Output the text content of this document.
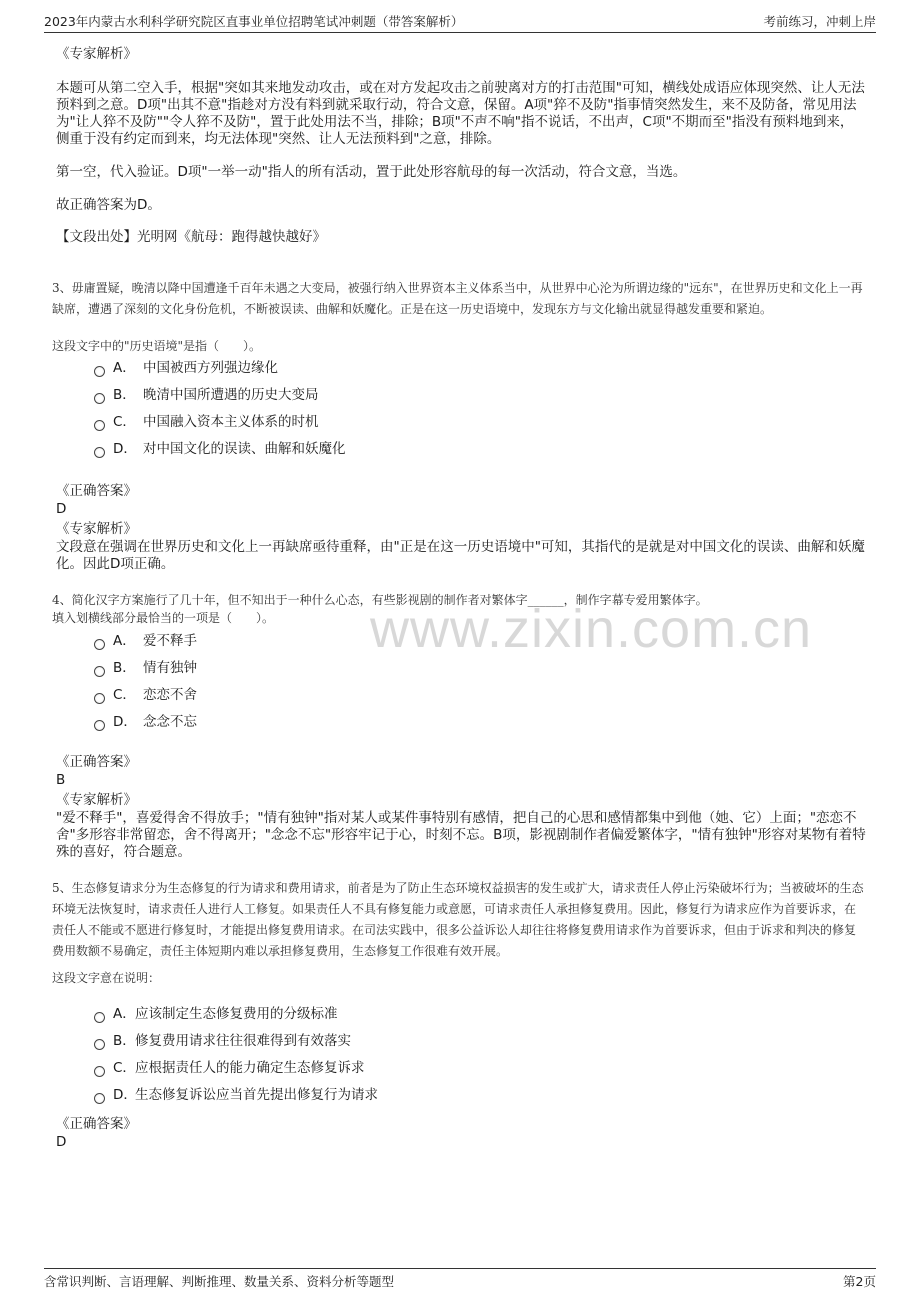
2023年内蒙古水利科学研究院区直事业单位招聘笔试冲刺题（带答案解析）	考前练习，冲刺上岸
《专家解析》
本题可从第二空入手，根据"突如其来地发动攻击，或在对方发起攻击之前驶离对方的打击范围"可知，横线处成语应体现突然、让人无法预料到之意。D项"出其不意"指趁对方没有料到就采取行动，符合文意，保留。A项"猝不及防"指事情突然发生，来不及防备，常见用法为"让人猝不及防""令人猝不及防"，置于此处用法不当，排除；B项"不声不响"指不说话，不出声，C项"不期而至"指没有预料地到来，侧重于没有约定而到来，均无法体现"突然、让人无法预料到"之意，排除。
第一空，代入验证。D项"一举一动"指人的所有活动，置于此处形容航母的每一次活动，符合文意，当选。
故正确答案为D。
【文段出处】光明网《航母：跑得越快越好》
3、毋庸置疑，晚清以降中国遭逢千百年未遇之大变局，被强行纳入世界资本主义体系当中，从世界中心沦为所谓边缘的"远东"，在世界历史和文化上一再缺席，遭遇了深刻的文化身份危机，不断被误读、曲解和妖魔化。正是在这一历史语境中，发现东方与文化输出就显得越发重要和紧迫。
这段文字中的"历史语境"是指（　　）。
A． 中国被西方列强边缘化
B． 晚清中国所遭遇的历史大变局
C． 中国融入资本主义体系的时机
D． 对中国文化的误读、曲解和妖魔化
《正确答案》
D
《专家解析》
文段意在强调在世界历史和文化上一再缺席亟待重释，由"正是在这一历史语境中"可知，其指代的是就是对中国文化的误读、曲解和妖魔化。因此D项正确。
www.zixin.com.cn
4、简化汉字方案施行了几十年，但不知出于一种什么心态，有些影视剧的制作者对繁体字______，制作字幕专爱用繁体字。
填入划横线部分最恰当的一项是（　　）。
A． 爱不释手
B． 情有独钟
C． 恋恋不舍
D． 念念不忘
《正确答案》
B
《专家解析》
"爱不释手"，喜爱得舍不得放手；"情有独钟"指对某人或某件事特别有感情，把自己的心思和感情都集中到他（她、它）上面；"恋恋不舍"多形容非常留恋，舍不得离开；"念念不忘"形容牢记于心，时刻不忘。B项，影视剧制作者偏爱繁体字，"情有独钟"形容对某物有着特殊的喜好，符合题意。
5、生态修复请求分为生态修复的行为请求和费用请求，前者是为了防止生态环境权益损害的发生或扩大，请求责任人停止污染破坏行为；当被破坏的生态环境无法恢复时，请求责任人进行人工修复。如果责任人不具有修复能力或意愿，可请求责任人承担修复费用。因此，修复行为请求应作为首要诉求，在责任人不能或不愿进行修复时，才能提出修复费用请求。在司法实践中，很多公益诉讼人却往往将修复费用请求作为首要诉求，但由于诉求和判决的修复费用数额不易确定，责任主体短期内难以承担修复费用，生态修复工作很难有效开展。
这段文字意在说明：
A．应该制定生态修复费用的分级标准
B．修复费用请求往往很难得到有效落实
C．应根据责任人的能力确定生态修复诉求
D．生态修复诉讼应当首先提出修复行为请求
《正确答案》
D
含常识判断、言语理解、判断推理、数量关系、资料分析等题型	第2页
